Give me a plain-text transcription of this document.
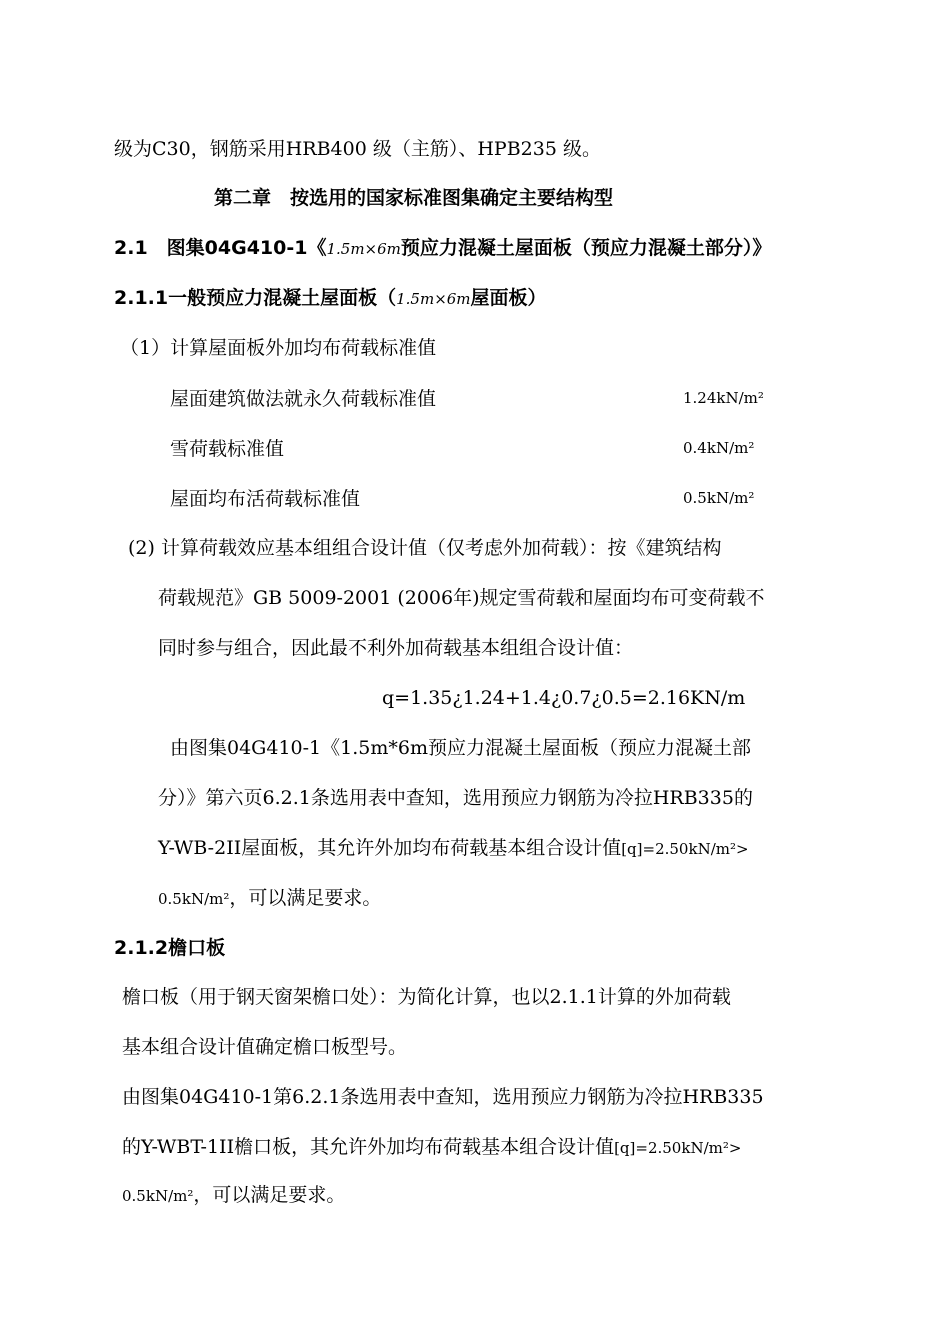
级为C30，钢筋采用HRB400 级（主筋）、HPB235 级。
第二章　按选用的国家标准图集确定主要结构型
2.1　图集04G410-1《1.5m×6m预应力混凝土屋面板（预应力混凝土部分）》
2.1.1一般预应力混凝土屋面板（1.5m×6m屋面板）
（1）计算屋面板外加均布荷载标准值
屋面建筑做法就永久荷载标准值	1.24kN/m²
雪荷载标准值	0.4kN/m²
屋面均布活荷载标准值	0.5kN/m²
(2) 计算荷载效应基本组组合设计值（仅考虑外加荷载）：按《建筑结构
荷载规范》GB 5009-2001 (2006年)规定雪荷载和屋面均布可变荷载不
同时参与组合，因此最不利外加荷载基本组组合设计值：
q=1.35¿1.24+1.4¿0.7¿0.5=2.16KN/m
由图集04G410-1《1.5m*6m预应力混凝土屋面板（预应力混凝土部
分）》第六页6.2.1条选用表中查知，选用预应力钢筋为冷拉HRB335的
Y-WB-2II屋面板，其允许外加均布荷载基本组合设计值[q]=2.50kN/m²>
0.5kN/m²，可以满足要求。
2.1.2檐口板
檐口板（用于钢天窗架檐口处）：为简化计算，也以2.1.1计算的外加荷载
基本组合设计值确定檐口板型号。
由图集04G410-1第6.2.1条选用表中查知，选用预应力钢筋为冷拉HRB335
的Y-WBT-1II檐口板，其允许外加均布荷载基本组合设计值[q]=2.50kN/m²>
0.5kN/m²，可以满足要求。
